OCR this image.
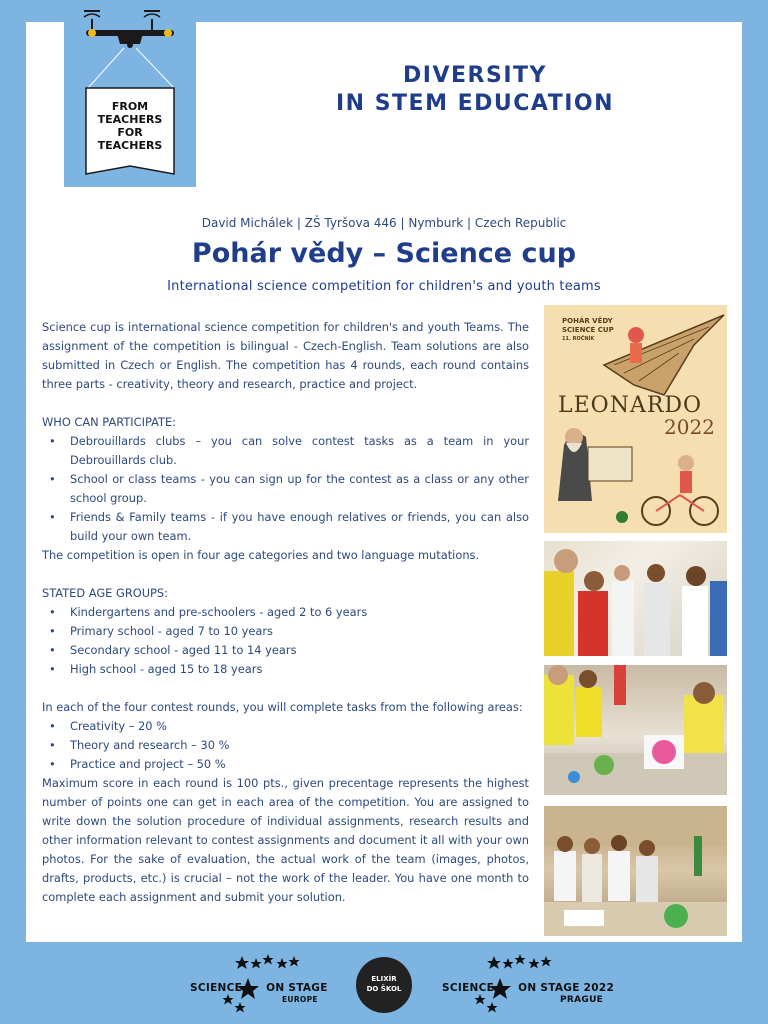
FROM
TEACHERS
FOR
TEACHERS
DIVERSITY
IN STEM EDUCATION
David Michálek | ZŠ Tyršova 446 | Nymburk | Czech Republic
Pohár vědy – Science cup
International science competition for children's and youth teams

Science cup is international science competition for children's and youth Teams. The assignment of the competition is bilingual - Czech-English. Team solutions are also submitted in Czech or English. The competition has 4 rounds, each round contains three parts - creativity, theory and research, practice and project.

WHO CAN PARTICIPATE:

• Debrouillards clubs – you can solve contest tasks as a team in your Debrouillards club.
• School or class teams - you can sign up for the contest as a class or any other school group.
• Friends & Family teams - if you have enough relatives or friends, you can also build your own team.

The competition is open in four age categories and two language mutations.

STATED AGE GROUPS:

• Kindergartens and pre-schoolers - aged 2 to 6 years
• Primary school - aged 7 to 10 years
• Secondary school - aged 11 to 14 years
• High school - aged 15 to 18 years

In each of the four contest rounds, you will complete tasks from the following areas:

• Creativity – 20 %
• Theory and research – 30 %
• Practice and project – 50 %

Maximum score in each round is 100 pts., given precentage represents the highest number of points one can get in each area of the competition. You are assigned to write down the solution procedure of individual assignments, research results and other information relevant to contest assignments and document it all with your own photos. For the sake of evaluation, the actual work of the team (images, photos, drafts, products, etc.) is crucial – not the work of the leader. You have one month to complete each assignment and submit your solution.

POHÁR VĚDY
SCIENCE CUP
11. ROČNÍK
LEONARDO
2022
SCIENCE ON STAGE
EUROPE
SCIENCE ON STAGE 2022
PRAGUE
ELIXÍR
DO ŠKOL
